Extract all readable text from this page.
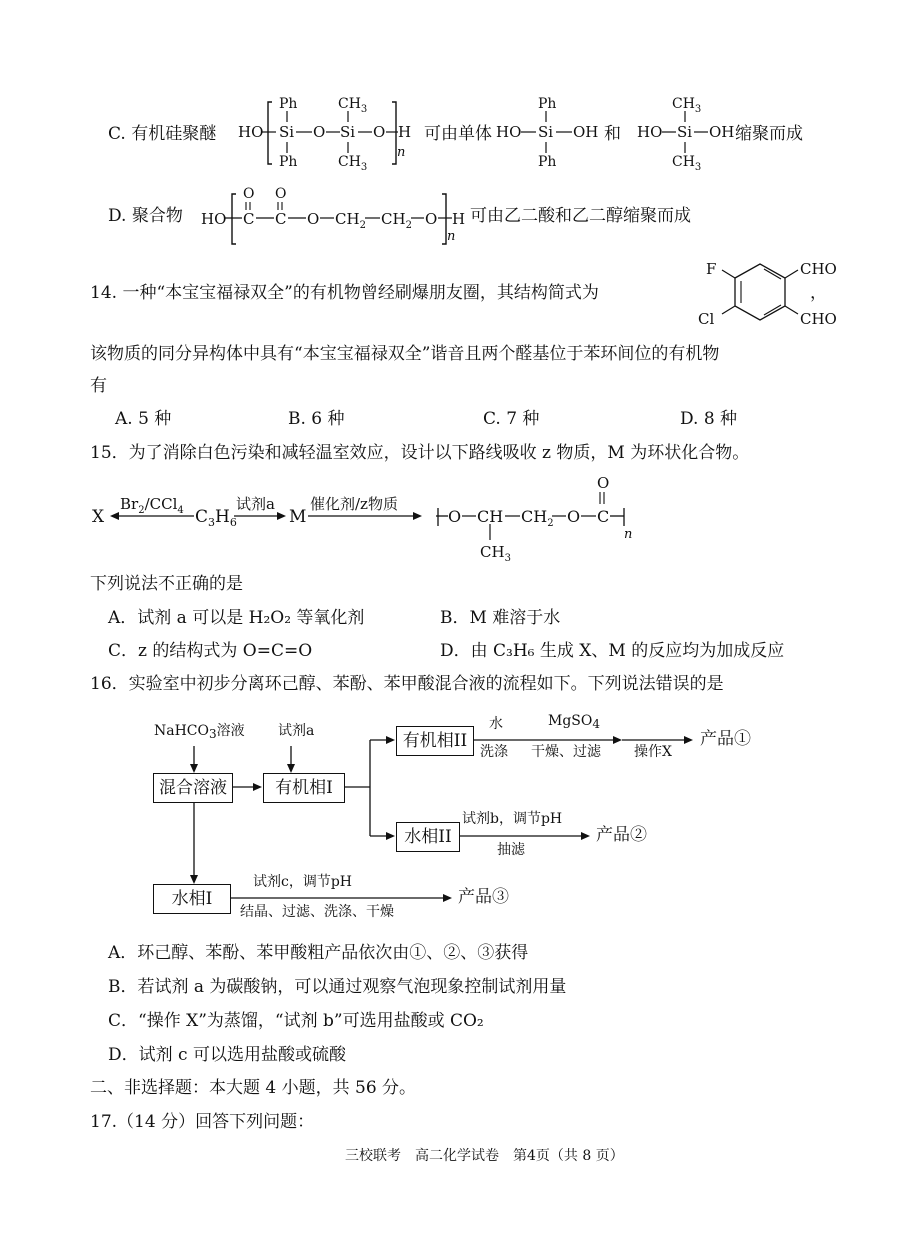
C. 有机硅聚醚 HO Si
Ph
Ph
O Si
$CH_3$
$CH_3$
O H
n
HO Si
Ph
Ph
OH	HO Si
$CH_3$
$CH_3$
OH
HO C
O
C
O
O $CH_2$ $CH_2$ O H
n
F
Cl
CHO
CHO
X
$Br_2/CCl_4$ $C_3H_6$
试剂a
M
催化剂/z物质
O CH
$CH_3$
$CH_2$ O C
O
n
可由单体	和	缩聚而成
D. 聚合物	可由乙二酸和乙二醇缩聚而成
14. 一种“本宝宝福禄双全”的有机物曾经刷爆朋友圈，其结构简式为	，
该物质的同分异构体中具有“本宝宝福禄双全”谐音且两个醛基位于苯环间位的有机物
有
A. 5 种	B. 6 种	C. 7 种	D. 8 种
15．为了消除白色污染和减轻温室效应，设计以下路线吸收 z 物质，M 为环状化合物。
下列说法不正确的是
A．试剂 a 可以是 H₂O₂ 等氧化剂	B．M 难溶于水
C．z 的结构式为 O=C=O	D．由 C₃H₆ 生成 X、M 的反应均为加成反应
16．实验室中初步分离环己醇、苯酚、苯甲酸混合液的流程如下。下列说法错误的是
NaHCO3溶液 试剂a
混合溶液	有机相I
有机相II
水相II
水相I
水
洗涤
MgSO4
干燥、过滤 操作X
产品①
试剂b，调节pH
抽滤
产品②
试剂c，调节pH
结晶、过滤、洗涤、干燥
产品③
A．环己醇、苯酚、苯甲酸粗产品依次由①、②、③获得
B．若试剂 a 为碳酸钠，可以通过观察气泡现象控制试剂用量
C．“操作 X”为蒸馏，“试剂 b”可选用盐酸或 CO₂
D．试剂 c 可以选用盐酸或硫酸
二、非选择题：本大题 4 小题，共 56 分。
17.（14 分）回答下列问题：
三校联考　高二化学试卷　第4页（共 8 页）
